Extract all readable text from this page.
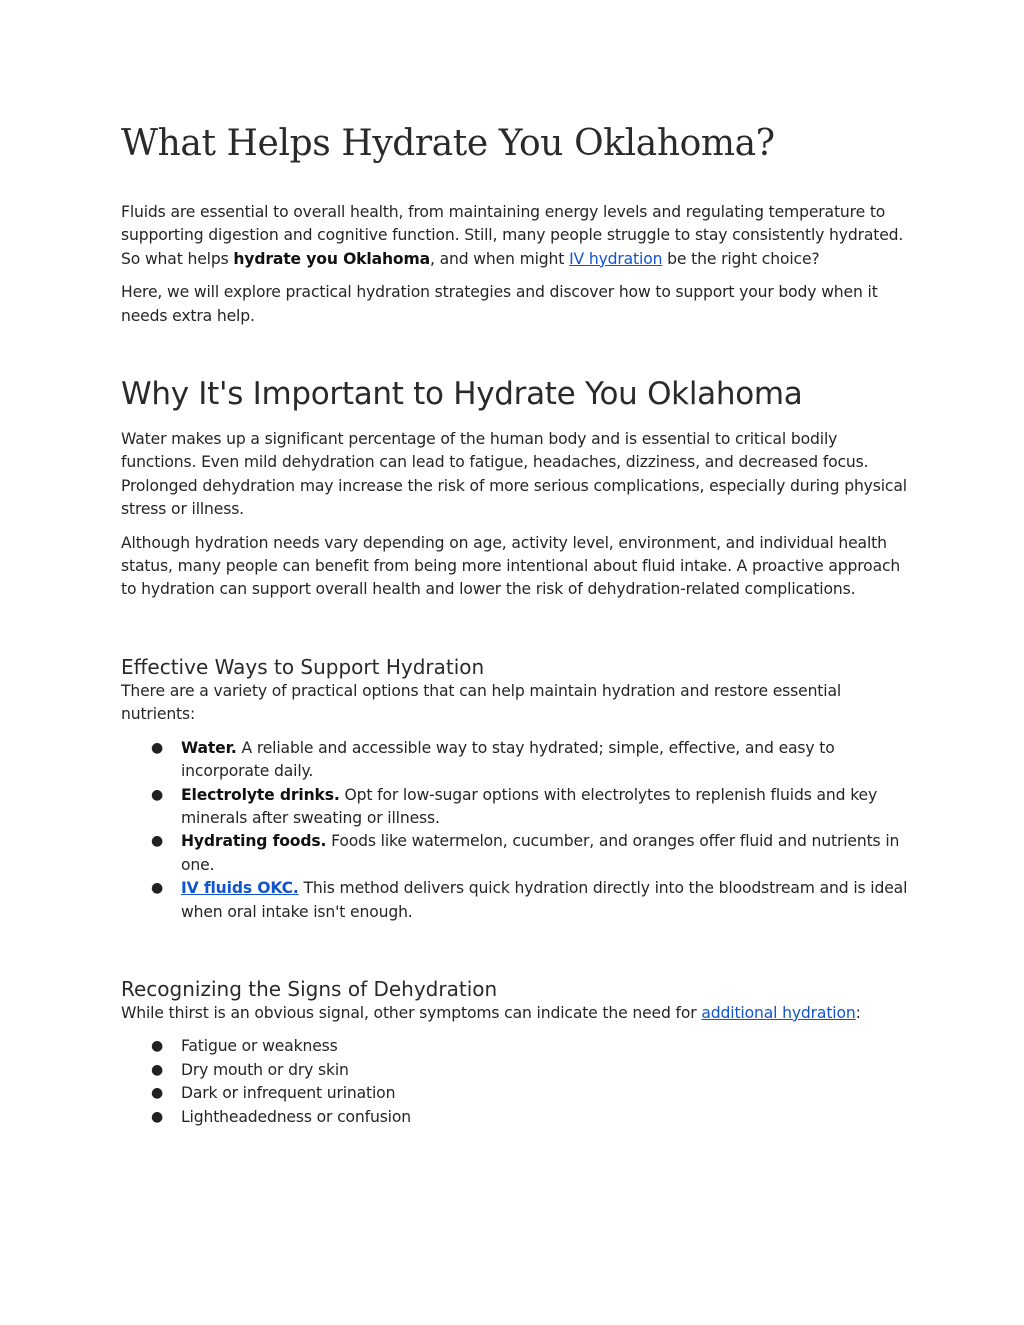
What Helps Hydrate You Oklahoma?

Fluids are essential to overall health, from maintaining energy levels and regulating temperature to supporting digestion and cognitive function. Still, many people struggle to stay consistently hydrated. So what helps hydrate you Oklahoma, and when might IV hydration be the right choice?

Here, we will explore practical hydration strategies and discover how to support your body when it needs extra help.

Why It's Important to Hydrate You Oklahoma

Water makes up a significant percentage of the human body and is essential to critical bodily functions. Even mild dehydration can lead to fatigue, headaches, dizziness, and decreased focus. Prolonged dehydration may increase the risk of more serious complications, especially during physical stress or illness.

Although hydration needs vary depending on age, activity level, environment, and individual health status, many people can benefit from being more intentional about fluid intake. A proactive approach to hydration can support overall health and lower the risk of dehydration-related complications.

Effective Ways to Support Hydration

There are a variety of practical options that can help maintain hydration and restore essential nutrients:

● Water. A reliable and accessible way to stay hydrated; simple, effective, and easy to incorporate daily.
● Electrolyte drinks. Opt for low-sugar options with electrolytes to replenish fluids and key minerals after sweating or illness.
● Hydrating foods. Foods like watermelon, cucumber, and oranges offer fluid and nutrients in one.
● IV fluids OKC. This method delivers quick hydration directly into the bloodstream and is ideal when oral intake isn't enough.
Recognizing the Signs of Dehydration

While thirst is an obvious signal, other symptoms can indicate the need for additional hydration:

● Fatigue or weakness
● Dry mouth or dry skin
● Dark or infrequent urination
● Lightheadedness or confusion
